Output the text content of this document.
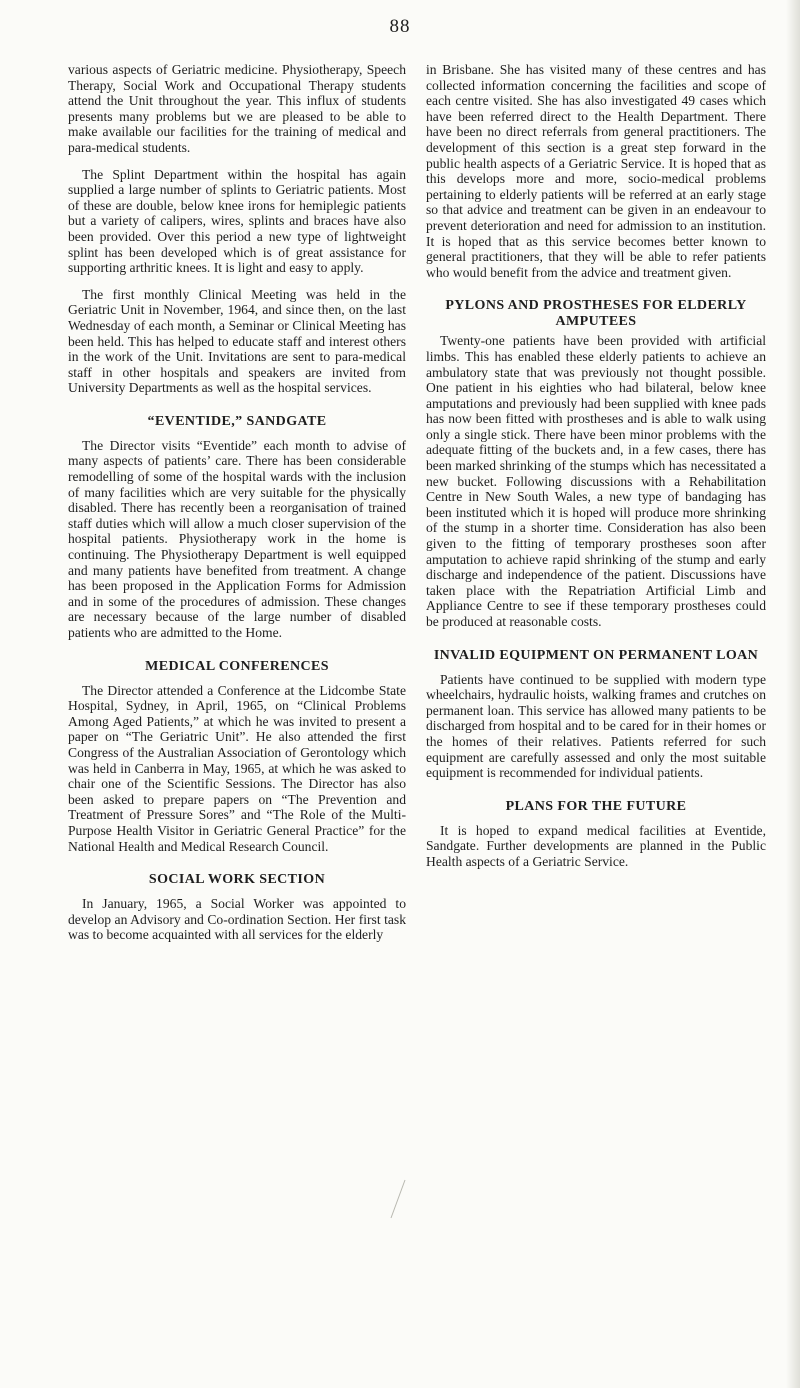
88

various aspects of Geriatric medicine. Physiotherapy, Speech Therapy, Social Work and Occupational Therapy students attend the Unit throughout the year. This influx of students presents many problems but we are pleased to be able to make available our facilities for the training of medical and para-medical students.

The Splint Department within the hospital has again supplied a large number of splints to Geriatric patients. Most of these are double, below knee irons for hemiplegic patients but a variety of calipers, wires, splints and braces have also been provided. Over this period a new type of lightweight splint has been developed which is of great assistance for supporting arthritic knees. It is light and easy to apply.

The first monthly Clinical Meeting was held in the Geriatric Unit in November, 1964, and since then, on the last Wednesday of each month, a Seminar or Clinical Meeting has been held. This has helped to educate staff and interest others in the work of the Unit. Invitations are sent to para-medical staff in other hospitals and speakers are invited from University Departments as well as the hospital services.

“EVENTIDE,” SANDGATE

The Director visits “Eventide” each month to advise of many aspects of patients’ care. There has been considerable remodelling of some of the hospital wards with the inclusion of many facilities which are very suitable for the physically disabled. There has recently been a reorganisation of trained staff duties which will allow a much closer supervision of the hospital patients. Physiotherapy work in the home is continuing. The Physiotherapy Department is well equipped and many patients have benefited from treatment. A change has been proposed in the Application Forms for Admission and in some of the procedures of admission. These changes are necessary because of the large number of disabled patients who are admitted to the Home.

MEDICAL CONFERENCES

The Director attended a Conference at the Lidcombe State Hospital, Sydney, in April, 1965, on “Clinical Problems Among Aged Patients,” at which he was invited to present a paper on “The Geriatric Unit”. He also attended the first Congress of the Australian Association of Gerontology which was held in Canberra in May, 1965, at which he was asked to chair one of the Scientific Sessions. The Director has also been asked to prepare papers on “The Prevention and Treatment of Pressure Sores” and “The Role of the Multi-Purpose Health Visitor in Geriatric General Practice” for the National Health and Medical Research Council.

SOCIAL WORK SECTION

In January, 1965, a Social Worker was appointed to develop an Advisory and Co-ordination Section. Her first task was to become acquainted with all services for the elderly

in Brisbane. She has visited many of these centres and has collected information concerning the facilities and scope of each centre visited. She has also investigated 49 cases which have been referred direct to the Health Department. There have been no direct referrals from general practitioners. The development of this section is a great step forward in the public health aspects of a Geriatric Service. It is hoped that as this develops more and more, socio-medical problems pertaining to elderly patients will be referred at an early stage so that advice and treatment can be given in an endeavour to prevent deterioration and need for admission to an institution. It is hoped that as this service becomes better known to general practitioners, that they will be able to refer patients who would benefit from the advice and treatment given.

PYLONS AND PROSTHESES FOR ELDERLY AMPUTEES

Twenty-one patients have been provided with artificial limbs. This has enabled these elderly patients to achieve an ambulatory state that was previously not thought possible. One patient in his eighties who had bilateral, below knee amputations and previously had been supplied with knee pads has now been fitted with prostheses and is able to walk using only a single stick. There have been minor problems with the adequate fitting of the buckets and, in a few cases, there has been marked shrinking of the stumps which has necessitated a new bucket. Following discussions with a Rehabilitation Centre in New South Wales, a new type of bandaging has been instituted which it is hoped will produce more shrinking of the stump in a shorter time. Consideration has also been given to the fitting of temporary prostheses soon after amputation to achieve rapid shrinking of the stump and early discharge and independence of the patient. Discussions have taken place with the Repatriation Artificial Limb and Appliance Centre to see if these temporary prostheses could be produced at reasonable costs.

INVALID EQUIPMENT ON PERMANENT LOAN

Patients have continued to be supplied with modern type wheelchairs, hydraulic hoists, walking frames and crutches on permanent loan. This service has allowed many patients to be discharged from hospital and to be cared for in their homes or the homes of their relatives. Patients referred for such equipment are carefully assessed and only the most suitable equipment is recommended for individual patients.

PLANS FOR THE FUTURE

It is hoped to expand medical facilities at Eventide, Sandgate. Further developments are planned in the Public Health aspects of a Geriatric Service.
